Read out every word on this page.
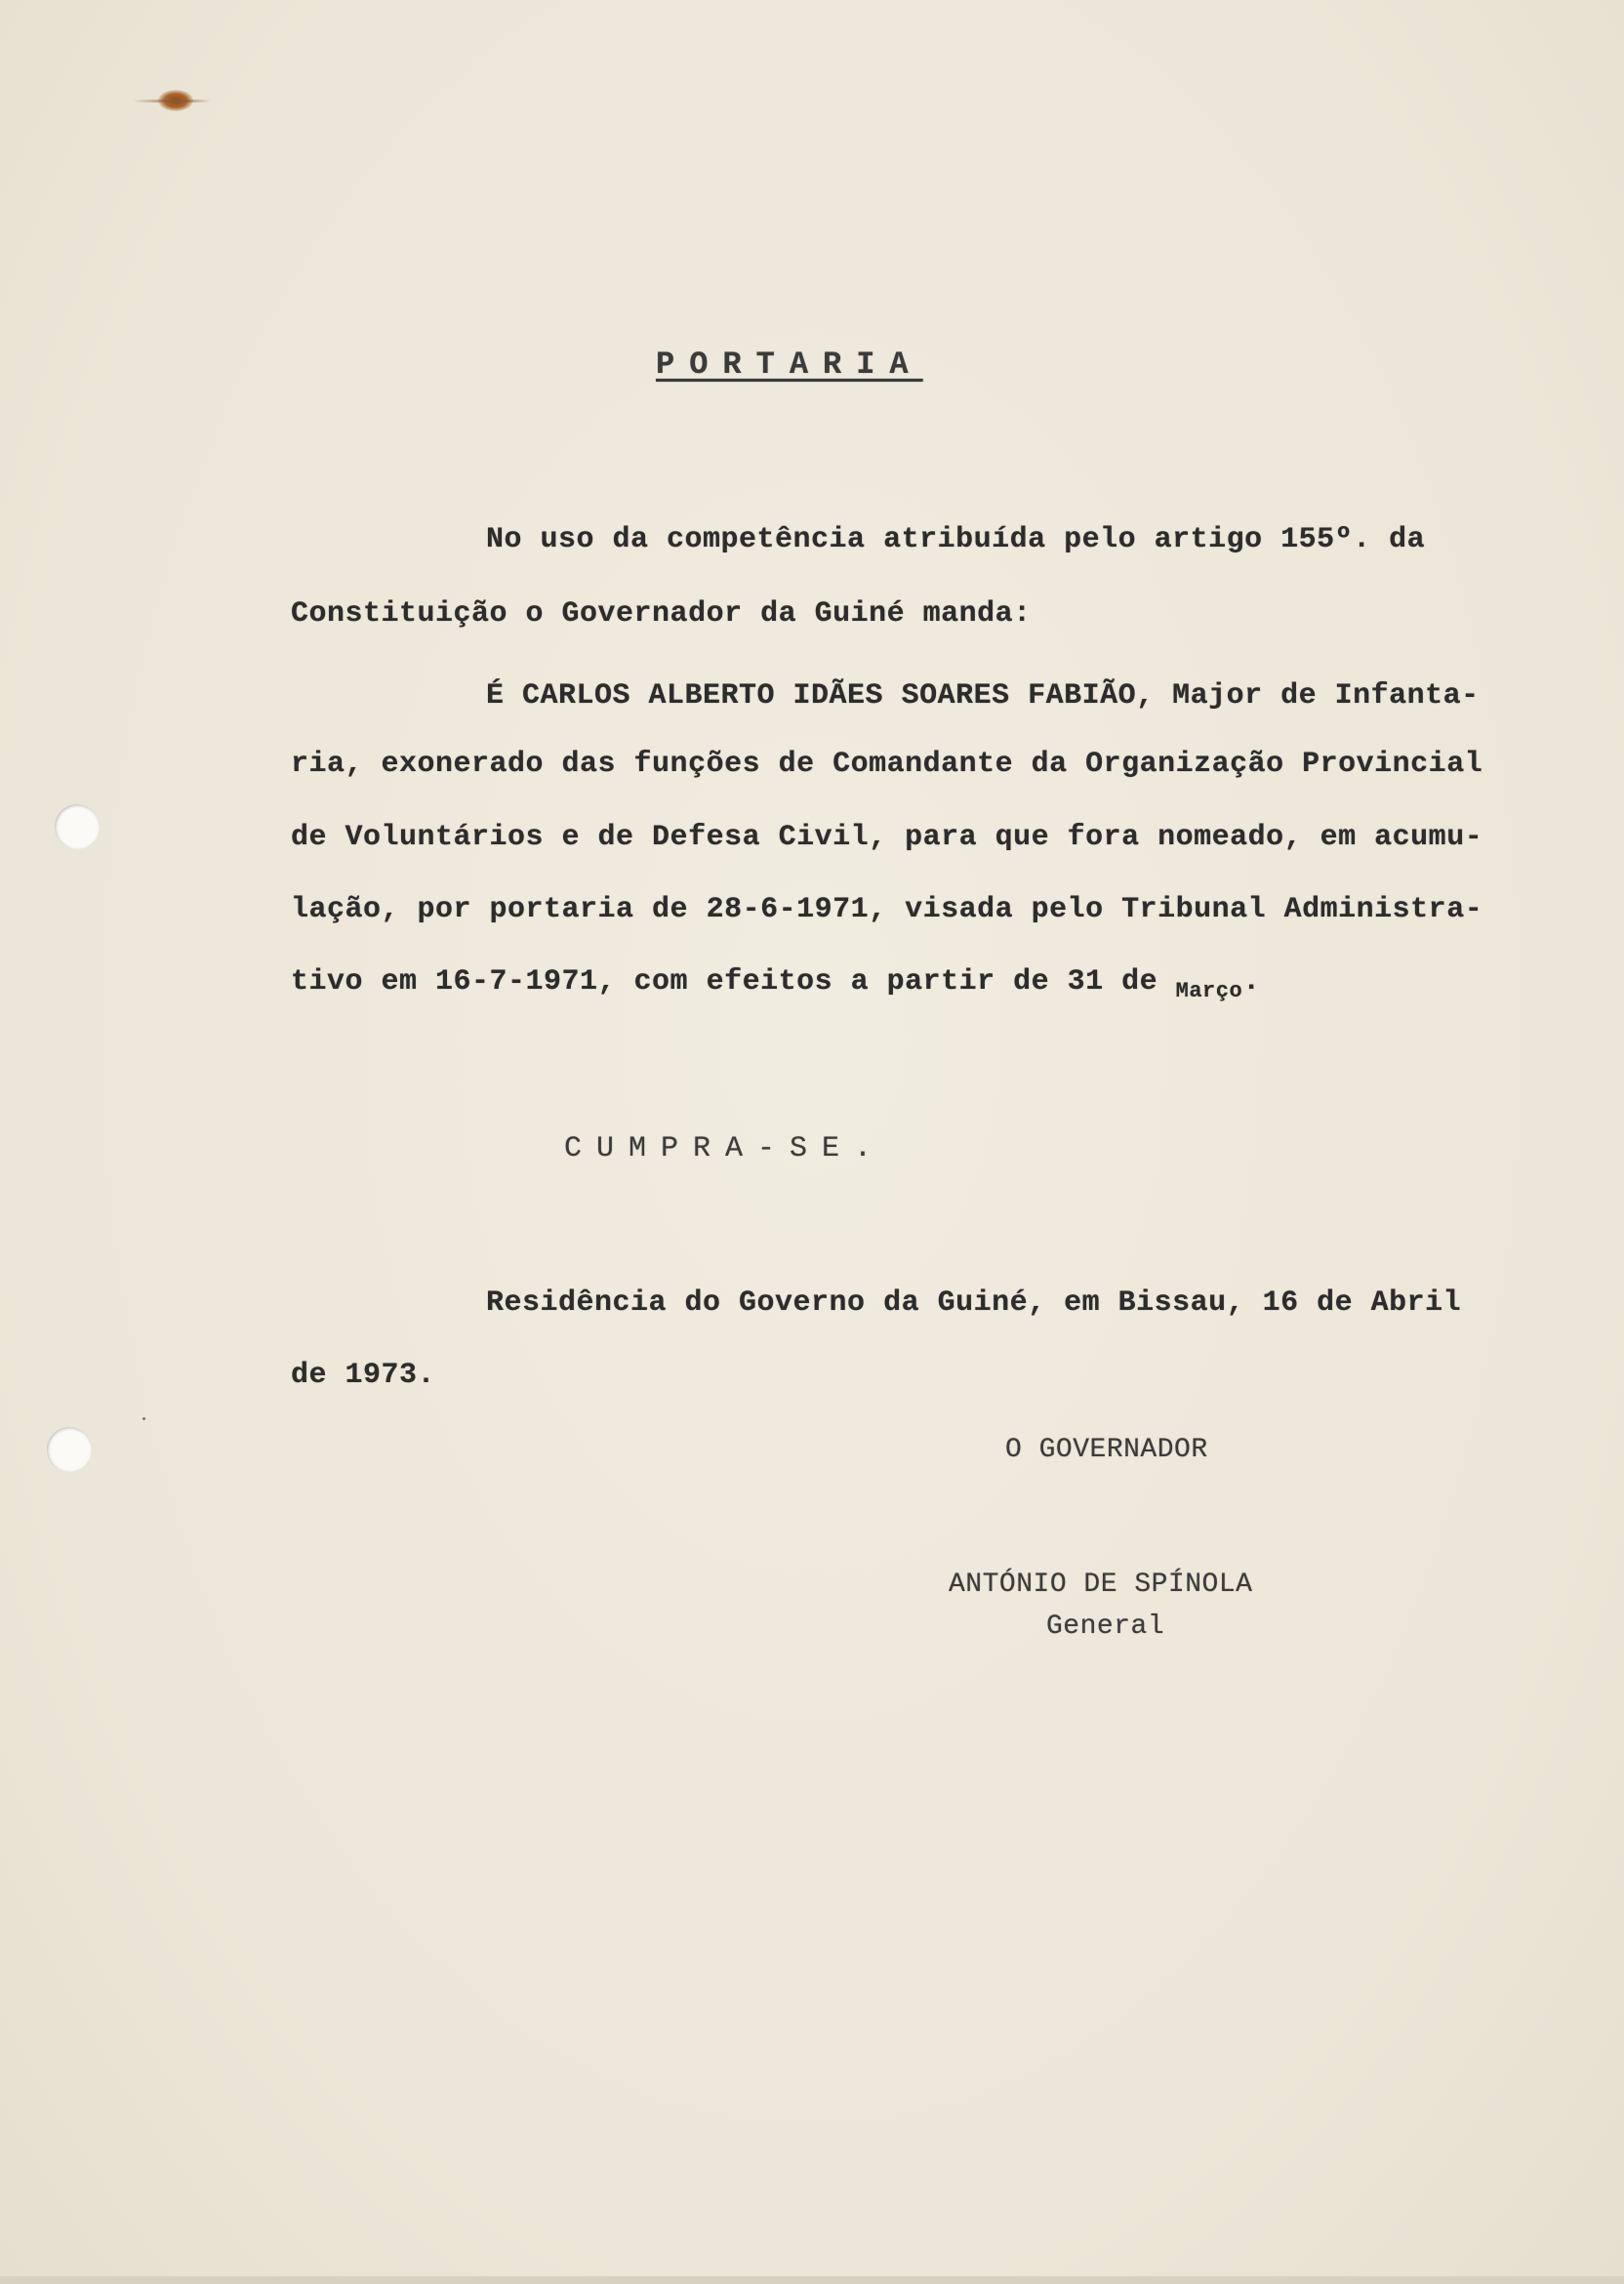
PORTARIA
No uso da competência atribuída pelo artigo 155º. da
Constituição o Governador da Guiné manda:
É CARLOS ALBERTO IDÃES SOARES FABIÃO, Major de Infanta-
ria, exonerado das funções de Comandante da Organização Provincial
de Voluntários e de Defesa Civil, para que fora nomeado, em acumu-
lação, por portaria de 28-6-1971, visada pelo Tribunal Administra-
tivo em 16-7-1971, com efeitos a partir de 31 de $_{Março}$.
CUMPRA-SE.
Residência do Governo da Guiné, em Bissau, 16 de Abril
de 1973.
O GOVERNADOR
ANTÓNIO DE SPÍNOLA
General
